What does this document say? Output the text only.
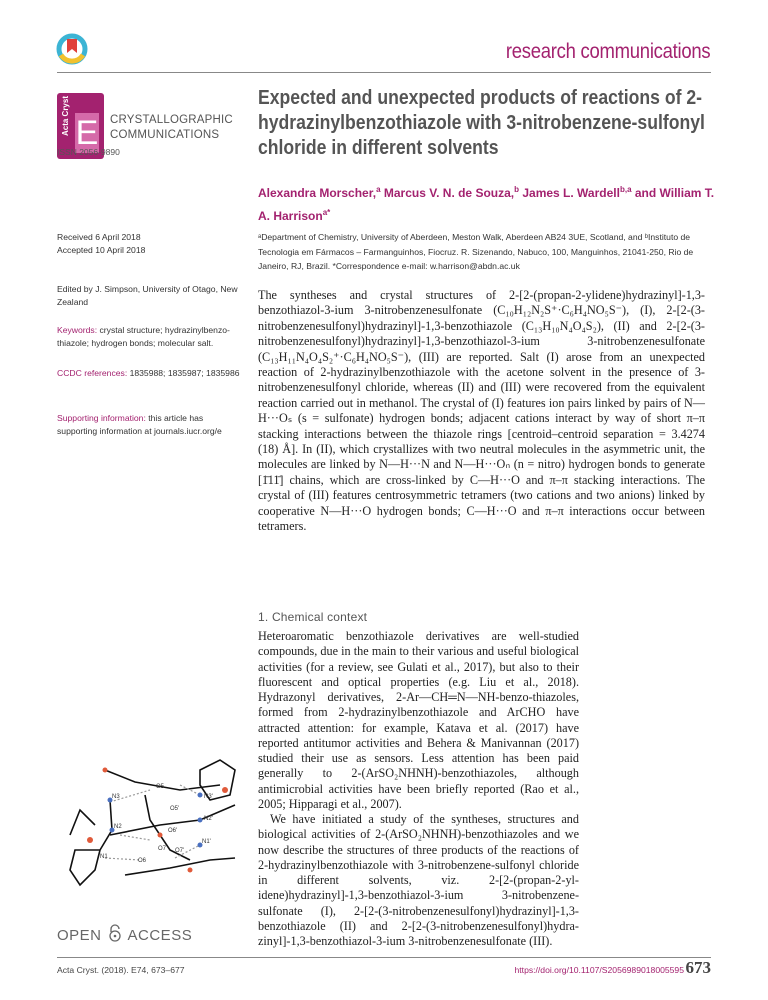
research communications
Acta Cryst E CRYSTALLOGRAPHIC
COMMUNICATIONS
ISSN 2056-9890
Expected and unexpected products of reactions of 2-hydrazinylbenzothiazole with 3-nitrobenzene-sulfonyl chloride in different solvents
Alexandra Morscher,$^a$ Marcus V. N. de Souza,$^b$ James L. Wardell$^{b,a}$ and William T. A. Harrison$^{a*}$
ᵃDepartment of Chemistry, University of Aberdeen, Meston Walk, Aberdeen AB24 3UE, Scotland, and ᵇInstituto de Tecnologia em Fármacos – Farmanguinhos, Fiocruz. R. Sizenando, Nabuco, 100, Manguinhos, 21041-250, Rio de Janeiro, RJ, Brazil. *Correspondence e-mail: w.harrison@abdn.ac.uk
Received 6 April 2018
Accepted 10 April 2018
Edited by J. Simpson, University of Otago, New Zealand
Keywords: crystal structure; hydrazinylbenzo-thiazole; hydrogen bonds; molecular salt.
CCDC references: 1835988; 1835987; 1835986
Supporting information: this article has supporting information at journals.iucr.org/e
The syntheses and crystal structures of 2-[2-(propan-2-ylidene)hydrazinyl]-1,3-benzothiazol-3-ium 3-nitrobenzenesulfonate (C₁₀H₁₂N₂S⁺·C₆H₄NO₅S⁻), (I), 2-[2-(3-nitrobenzenesulfonyl)hydrazinyl]-1,3-benzothiazole (C₁₃H₁₀N₄O₄S₂), (II) and 2-[2-(3-nitrobenzenesulfonyl)hydrazinyl]-1,3-benzothiazol-3-ium 3-nitrobenzenesulfonate (C₁₃H₁₁N₄O₄S₂⁺·C₆H₄NO₅S⁻), (III) are reported. Salt (I) arose from an unexpected reaction of 2-hydrazinylbenzothiazole with the acetone solvent in the presence of 3-nitrobenzenesulfonyl chloride, whereas (II) and (III) were recovered from the equivalent reaction carried out in methanol. The crystal of (I) features ion pairs linked by pairs of N—H···Oₛ (s = sulfonate) hydrogen bonds; adjacent cations interact by way of short π–π stacking interactions between the thiazole rings [centroid–centroid separation = 3.4274 (18) Å]. In (II), which crystallizes with two neutral molecules in the asymmetric unit, the molecules are linked by N—H···N and N—H···Oₙ (n = nitro) hydrogen bonds to generate [1̄11̄] chains, which are cross-linked by C—H···O and π–π stacking interactions. The crystal of (III) features centrosymmetric tetramers (two cations and two anions) linked by cooperative N—H···O hydrogen bonds; C—H···O and π–π interactions occur between tetramers.
N3
N2
N1
O5
O6
O7
O6'
N2'
N3'
N1'
O5'
O7'
OPEN ACCESS
1. Chemical context

Heteroaromatic benzothiazole derivatives are well-studied compounds, due in the main to their various and useful biological activities (for a review, see Gulati et al., 2017), but also to their fluorescent and optical properties (e.g. Liu et al., 2018). Hydrazonyl derivatives, 2-Ar—CH═N—NH-benzo-thiazoles, formed from 2-hydrazinylbenzothiazole and ArCHO have attracted attention: for example, Katava et al. (2017) have reported antitumor activities and Behera & Manivannan (2017) studied their use as sensors. Less attention has been paid generally to 2-(ArSO₂NHNH)-benzothiazoles, although antimicrobial activities have been briefly reported (Rao et al., 2005; Hipparagi et al., 2007).

We have initiated a study of the syntheses, structures and biological activities of 2-(ArSO₂NHNH)-benzothiazoles and we now describe the structures of three products of the reactions of 2-hydrazinylbenzothiazole with 3-nitrobenzene-sulfonyl chloride in different solvents, viz. 2-[2-(propan-2-yl-idene)hydrazinyl]-1,3-benzothiazol-3-ium 3-nitrobenzene-sulfonate (I), 2-[2-(3-nitrobenzenesulfonyl)hydrazinyl]-1,3-benzothiazole (II) and 2-[2-(3-nitrobenzenesulfonyl)hydra-zinyl]-1,3-benzothiazol-3-ium 3-nitrobenzenesulfonate (III).

Acta Cryst. (2018). E74, 673–677	https://doi.org/10.1107/S2056989018005595 673
